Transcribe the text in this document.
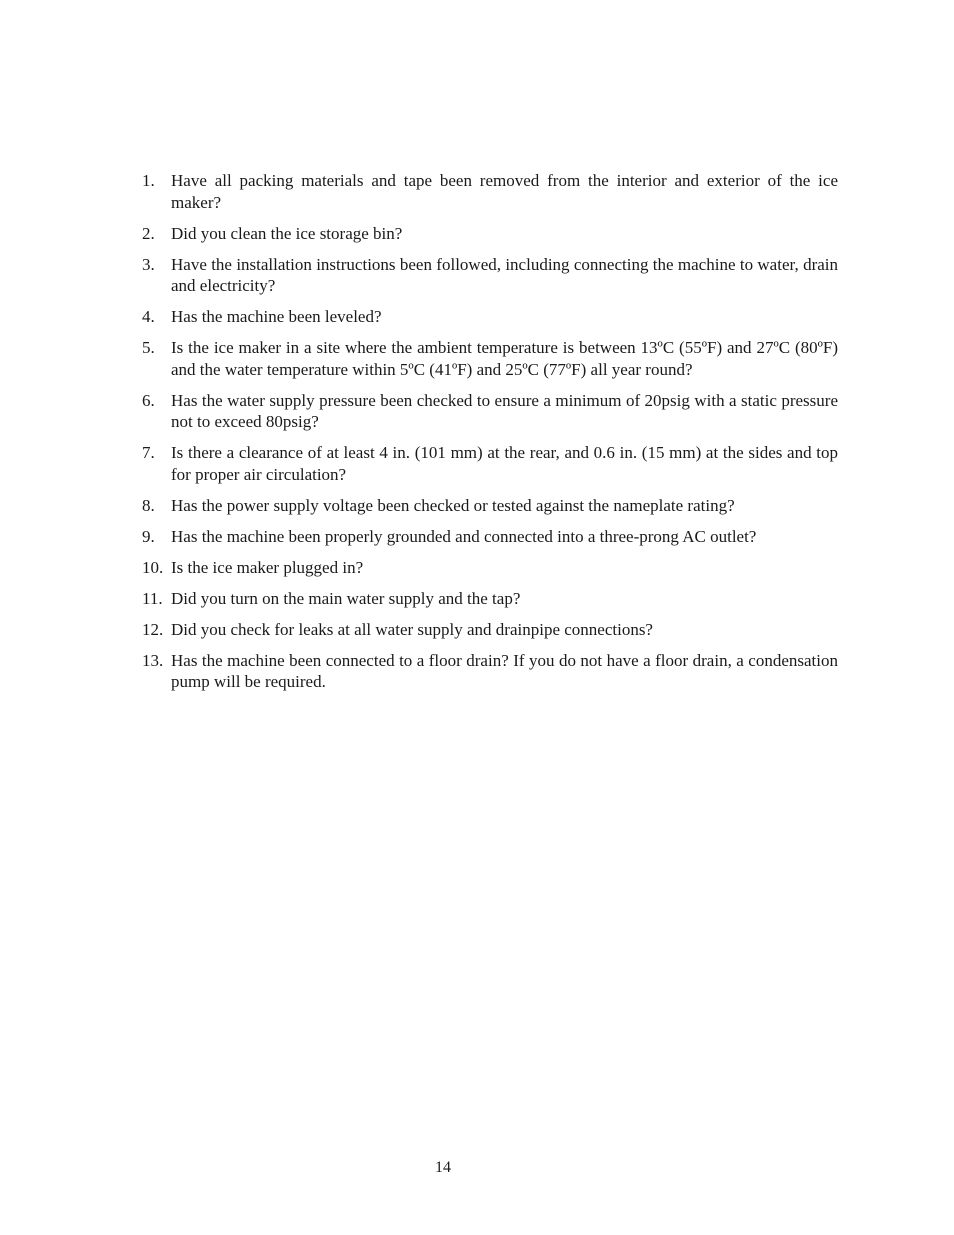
1. Have all packing materials and tape been removed from the interior and exterior of the ice maker?
2. Did you clean the ice storage bin?
3. Have the installation instructions been followed, including connecting the machine to water, drain and electricity?
4. Has the machine been leveled?
5. Is the ice maker in a site where the ambient temperature is between 13ºC (55ºF) and 27ºC (80ºF) and the water temperature within 5ºC (41ºF) and 25ºC (77ºF) all year round?
6. Has the water supply pressure been checked to ensure a minimum of 20psig with a static pressure not to exceed 80psig?
7. Is there a clearance of at least 4 in. (101 mm) at the rear, and 0.6 in. (15 mm) at the sides and top for proper air circulation?
8. Has the power supply voltage been checked or tested against the nameplate rating?
9. Has the machine been properly grounded and connected into a three-prong AC outlet?
10. Is the ice maker plugged in?
11. Did you turn on the main water supply and the tap?
12. Did you check for leaks at all water supply and drainpipe connections?
13. Has the machine been connected to a floor drain? If you do not have a floor drain, a condensation pump will be required.
14
